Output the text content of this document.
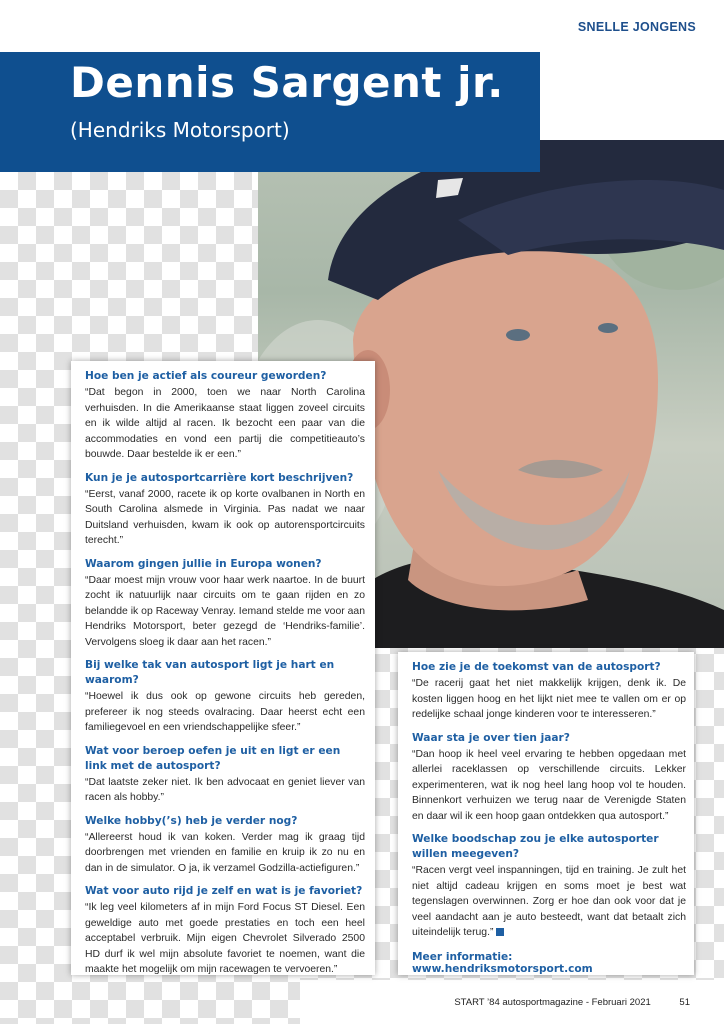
SNELLE JONGENS
Dennis Sargent jr.
(Hendriks Motorsport)
Hoe ben je actief als coureur geworden?
“Dat begon in 2000, toen we naar North Carolina verhuisden. In die Amerikaanse staat liggen zoveel circuits en ik wilde altijd al racen. Ik bezocht een paar van die accommodaties en vond een partij die competitieauto’s bouwde. Daar bestelde ik er een.”
Kun je je autosportcarrière kort beschrijven?
“Eerst, vanaf 2000, racete ik op korte ovalbanen in North en South Carolina alsmede in Virginia. Pas nadat we naar Duitsland verhuisden, kwam ik ook op autorensportcircuits terecht.”
Waarom gingen jullie in Europa wonen?
“Daar moest mijn vrouw voor haar werk naartoe. In de buurt zocht ik natuurlijk naar circuits om te gaan rijden en zo belandde ik op Raceway Venray. Iemand stelde me voor aan Hendriks Motorsport, beter gezegd de ‘Hendriks-familie’. Vervolgens sloeg ik daar aan het racen.”
Bij welke tak van autosport ligt je hart en waarom?
“Hoewel ik dus ook op gewone circuits heb gereden, prefereer ik nog steeds ovalracing. Daar heerst echt een familiegevoel en een vriendschappelijke sfeer.”
Wat voor beroep oefen je uit en ligt er een link met de autosport?
“Dat laatste zeker niet. Ik ben advocaat en geniet liever van racen als hobby.”
Welke hobby(’s) heb je verder nog?
“Allereerst houd ik van koken. Verder mag ik graag tijd doorbrengen met vrienden en familie en kruip ik zo nu en dan in de simulator. O ja, ik verzamel Godzilla-actiefiguren.”
Wat voor auto rijd je zelf en wat is je favoriet?
“Ik leg veel kilometers af in mijn Ford Focus ST Diesel. Een geweldige auto met goede prestaties en toch een heel acceptabel verbruik. Mijn eigen Chevrolet Silverado 2500 HD durf ik wel mijn absolute favoriet te noemen, want die maakte het mogelijk om mijn racewagen te vervoeren.”
Hoe zie je de toekomst van de autosport?
“De racerij gaat het niet makkelijk krijgen, denk ik. De kosten liggen hoog en het lijkt niet mee te vallen om er op redelijke schaal jonge kinderen voor te interesseren.”
Waar sta je over tien jaar?
“Dan hoop ik heel veel ervaring te hebben opgedaan met allerlei raceklassen op verschillende circuits. Lekker experimenteren, wat ik nog heel lang hoop vol te houden. Binnenkort verhuizen we terug naar de Verenigde Staten en daar wil ik een hoop gaan ontdekken qua autosport.”
Welke boodschap zou je elke autosporter willen meegeven?
“Racen vergt veel inspanningen, tijd en training. Je zult het niet altijd cadeau krijgen en soms moet je best wat tegenslagen overwinnen. Zorg er hoe dan ook voor dat je veel aandacht aan je auto besteedt, want dat betaalt zich uiteindelijk terug.”
Meer informatie: www.hendriksmotorsport.com
START ’84 autosportmagazine - Februari 2021	51
